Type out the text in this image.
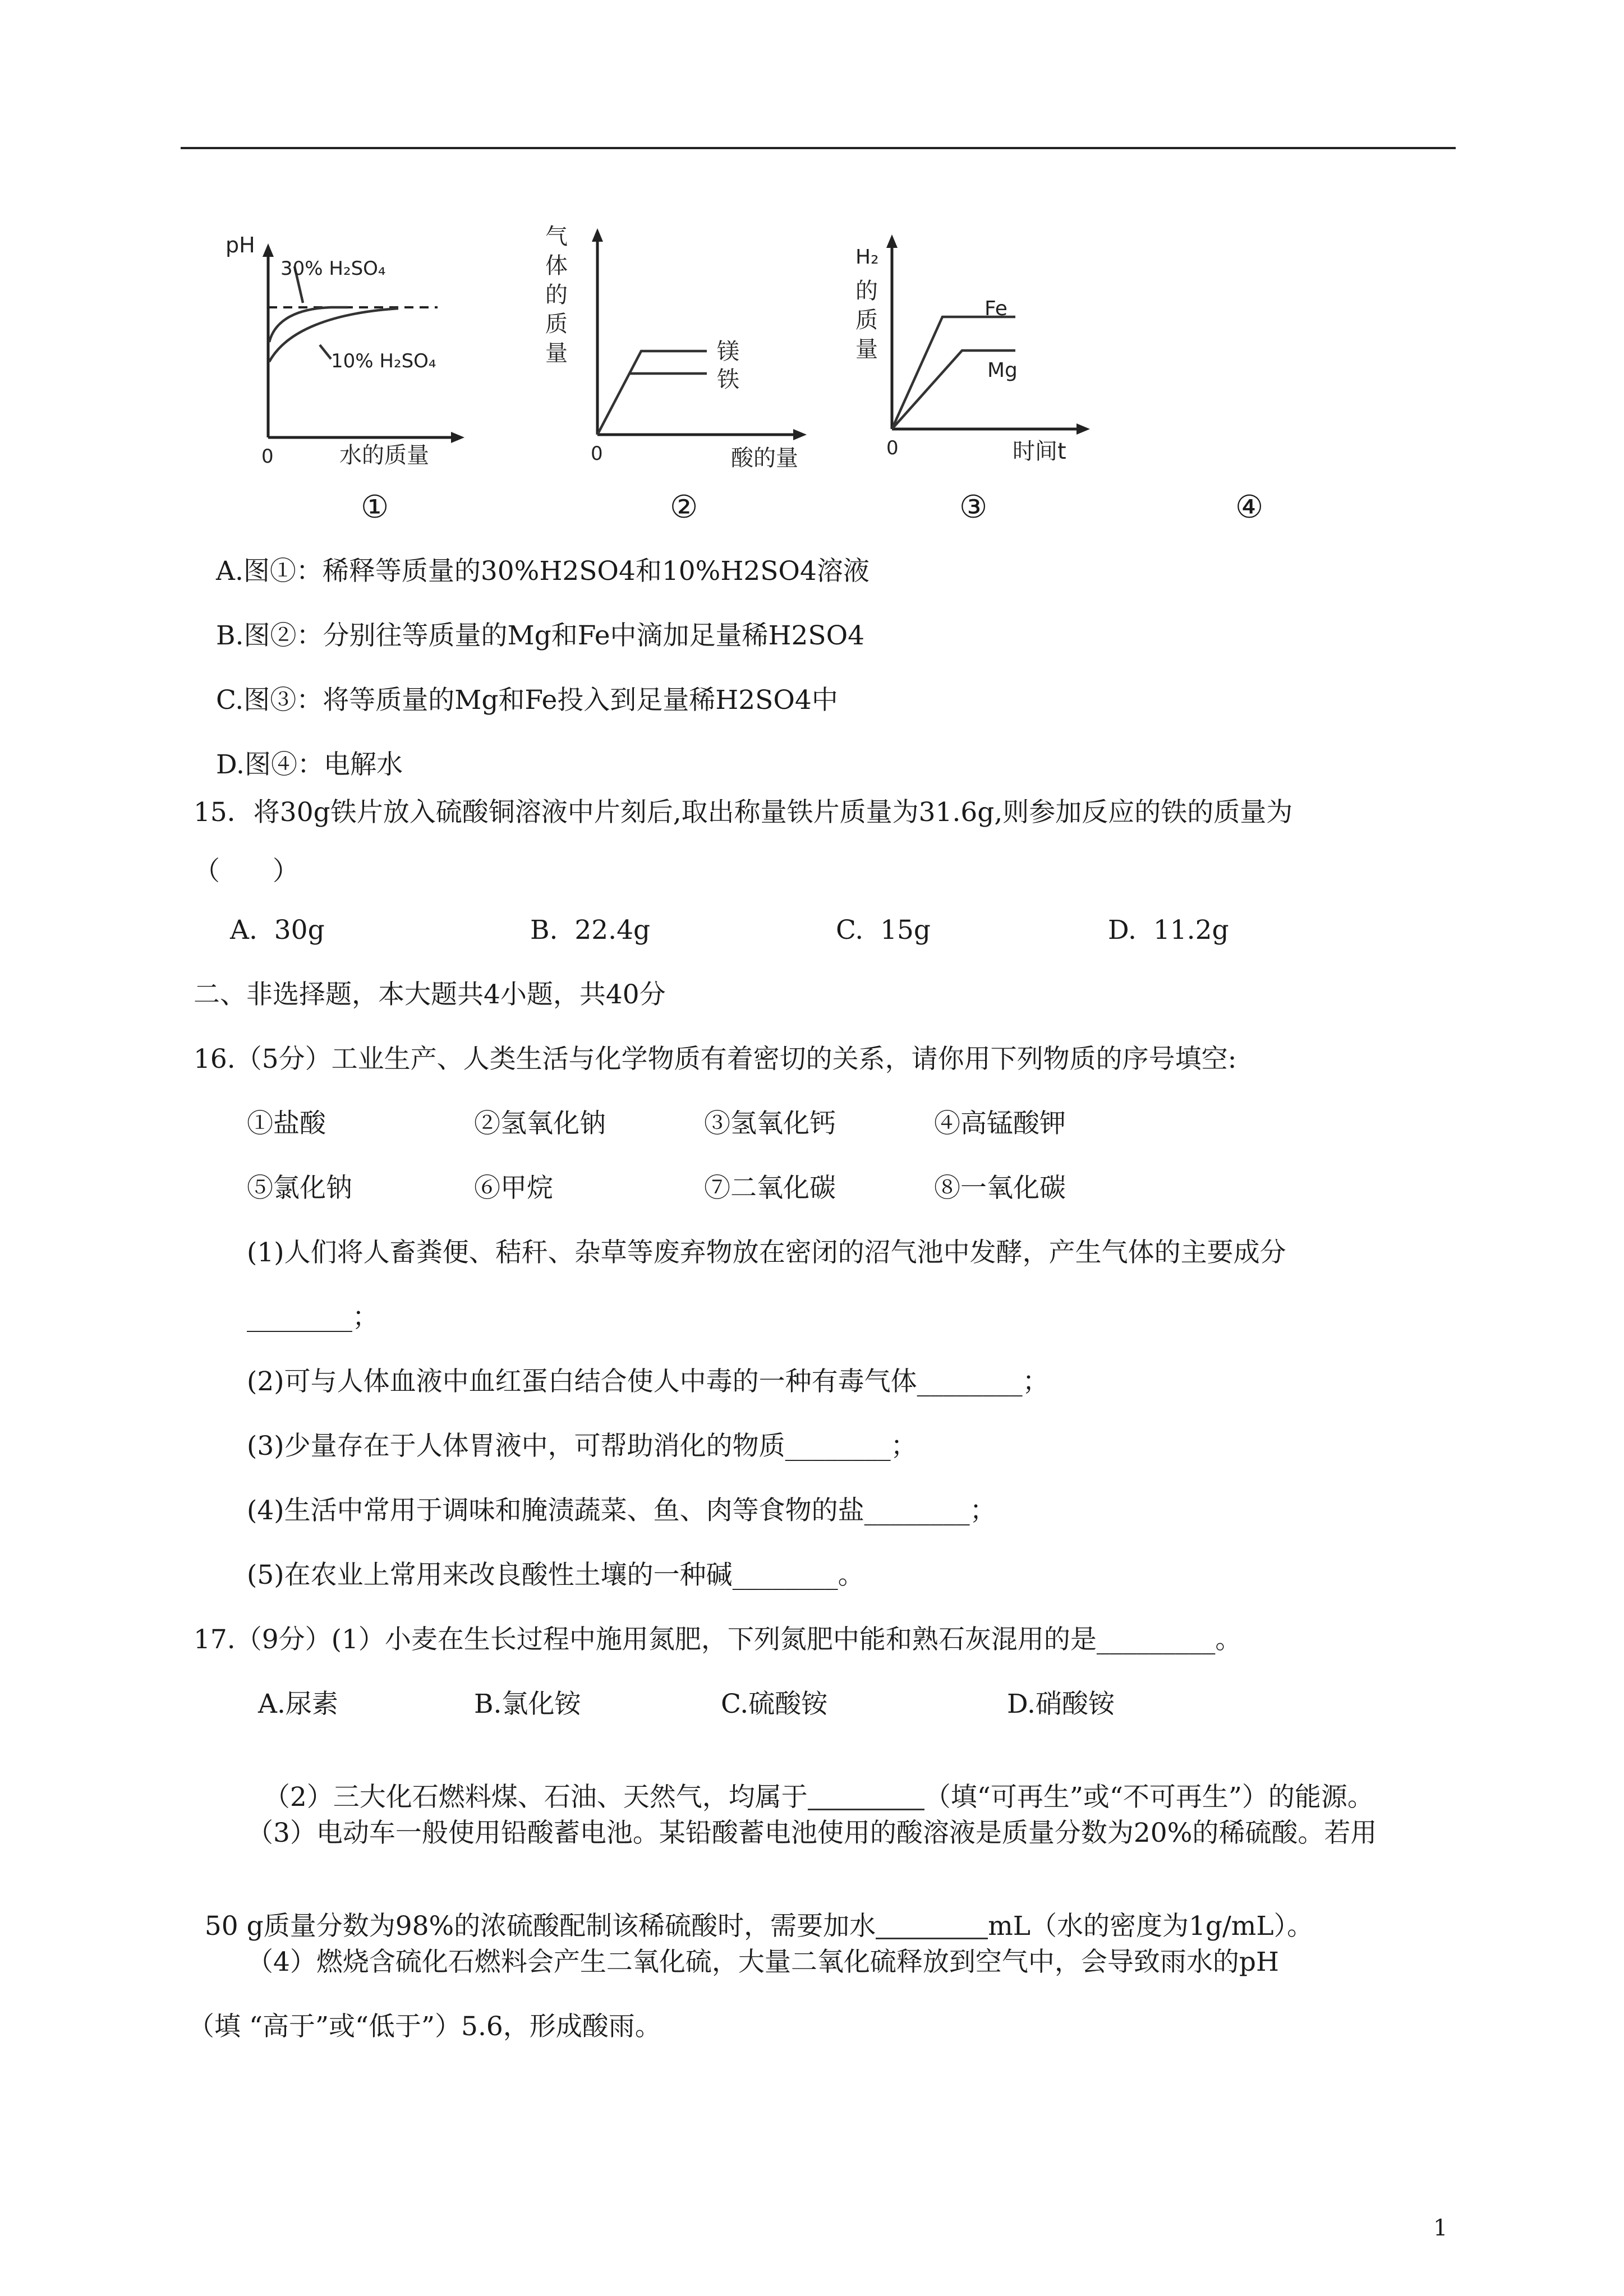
pH
30% H₂SO₄
10% H₂SO₄
0	水的质量
气
体
的
质
量	镁
铁
0	酸的量
H₂
的
质
量
Fe
Mg
0	时间t
①	②	③	④
A.图①：稀释等质量的30%H2SO4和10%H2SO4溶液
B.图②：分别往等质量的Mg和Fe中滴加足量稀H2SO4
C.图③：将等质量的Mg和Fe投入到足量稀H2SO4中
D.图④：电解水
15．将30g铁片放入硫酸铜溶液中片刻后,取出称量铁片质量为31.6g,则参加反应的铁的质量为
（　　）
A.  30g	B.  22.4g	C.  15g	D.  11.2g
二、非选择题，本大题共4小题，共40分
16.（5分）工业生产、人类生活与化学物质有着密切的关系，请你用下列物质的序号填空:
①盐酸	②氢氧化钠	③氢氧化钙	④高锰酸钾
⑤氯化钠	⑥甲烷	⑦二氧化碳	⑧一氧化碳
(1)人们将人畜粪便、秸秆、杂草等废弃物放在密闭的沼气池中发酵，产生气体的主要成分
________；
(2)可与人体血液中血红蛋白结合使人中毒的一种有毒气体________；
(3)少量存在于人体胃液中，可帮助消化的物质________；
(4)生活中常用于调味和腌渍蔬菜、鱼、肉等食物的盐________；
(5)在农业上常用来改良酸性土壤的一种碱________。
17.（9分）(1）小麦在生长过程中施用氮肥，下列氮肥中能和熟石灰混用的是_________。
A.尿素	B.氯化铵	C.硫酸铵	D.硝酸铵

（2）三大化石燃料煤、石油、天然气，均属于	（填“可再生”或“不可再生”）的能源。

（3）电动车一般使用铅酸蓄电池。某铅酸蓄电池使用的酸溶液是质量分数为20%的稀硫酸。若用

50 g质量分数为98%的浓硫酸配制该稀硫酸时，需要加水	mL（水的密度为1g/mL）。

（4）燃烧含硫化石燃料会产生二氧化硫，大量二氧化硫释放到空气中，会导致雨水的pH
（填 “高于”或“低于”）5.6，形成酸雨。
1
